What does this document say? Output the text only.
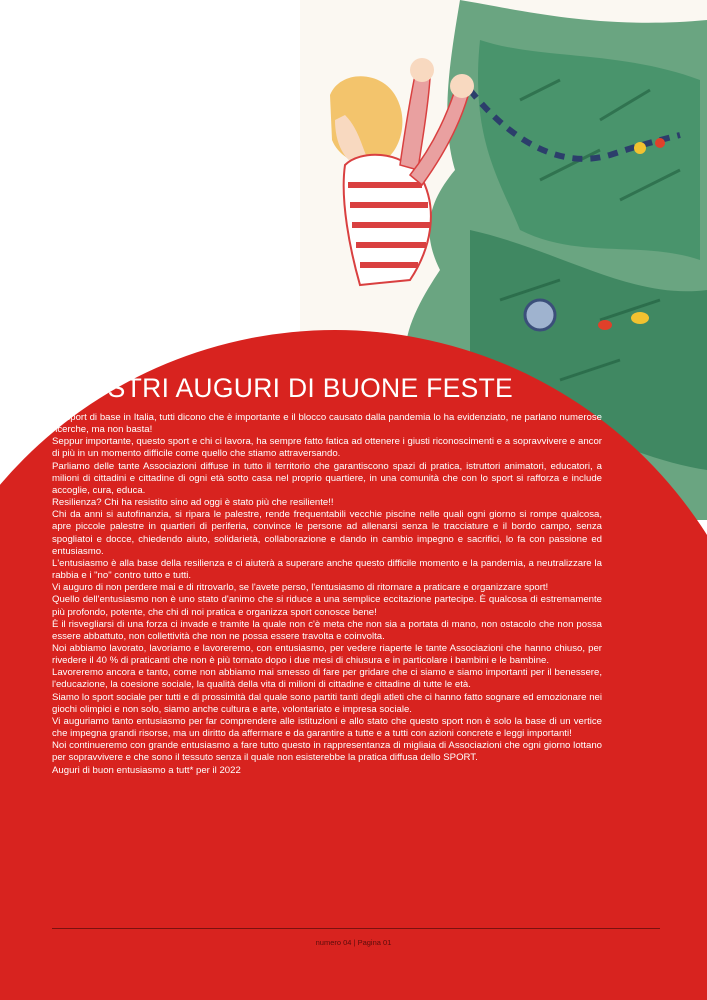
I NOSTRI AUGURI DI BUONE FESTE

Lo sport di base in Italia, tutti dicono che è importante e il blocco causato dalla pandemia lo ha evidenziato, ne parlano numerose ricerche, ma non basta!

Seppur importante, questo sport e chi ci lavora, ha sempre fatto fatica ad ottenere i giusti riconoscimenti e a sopravvivere e ancor di più in un momento difficile come quello che stiamo attraversando.

Parliamo delle tante Associazioni diffuse in tutto il territorio che garantiscono spazi di pratica, istruttori animatori, educatori, a milioni di cittadini e cittadine di ogni età sotto casa nel proprio quartiere, in una comunità che con lo sport si rafforza e include accoglie, cura, educa.

Resilienza? Chi ha resistito sino ad oggi è stato più che resiliente!!

Chi da anni si autofinanzia, si ripara le palestre, rende frequentabili vecchie piscine nelle quali ogni giorno si rompe qualcosa, apre piccole palestre in quartieri di periferia, convince le persone ad allenarsi senza le tracciature e il bordo campo, senza spogliatoi e docce, chiedendo aiuto, solidarietà, collaborazione e dando in cambio impegno e sacrifici, lo fa con passione ed entusiasmo.

L'entusiasmo è alla base della resilienza e ci aiuterà a superare anche questo difficile momento e la pandemia, a neutralizzare la rabbia e i "no" contro tutto e tutti.

Vi auguro di non perdere mai e di ritrovarlo, se l'avete perso, l'entusiasmo di ritornare a praticare e organizzare sport!

Quello dell'entusiasmo non è uno stato d'animo che si riduce a una semplice eccitazione partecipe. È qualcosa di estremamente più profondo, potente, che chi di noi pratica e organizza sport conosce bene!

È il risvegliarsi di una forza ci invade e tramite la quale non c'è meta che non sia a portata di mano, non ostacolo che non possa essere abbattuto, non collettività che non ne possa essere travolta e coinvolta.

Noi abbiamo lavorato, lavoriamo e lavoreremo, con entusiasmo, per vedere riaperte le tante Associazioni che hanno chiuso, per rivedere il 40 % di praticanti che non è più tornato dopo i due mesi di chiusura e in particolare i bambini e le bambine.

Lavoreremo ancora e tanto, come non abbiamo mai smesso di fare per gridare che ci siamo e siamo importanti per il benessere, l'educazione, la coesione sociale, la qualità della vita di milioni di cittadine e cittadine di tutte le età.

Siamo lo sport sociale per tutti e di prossimità dal quale sono partiti tanti degli atleti che ci hanno fatto sognare ed emozionare nei giochi olimpici e non solo, siamo anche cultura e arte, volontariato e impresa sociale.

Vi auguriamo tanto entusiasmo per far comprendere alle istituzioni e allo stato che questo sport non è solo la base di un vertice che impegna grandi risorse, ma un diritto da affermare e da garantire a tutte e a tutti con azioni concrete e leggi importanti!

Noi continueremo con grande entusiasmo a fare tutto questo in rappresentanza di migliaia di Associazioni che ogni giorno lottano per sopravvivere e che sono il tessuto senza il quale non esisterebbe la pratica diffusa dello SPORT.

Auguri di buon entusiasmo a tutt* per il 2022

numero 04 | Pagina 01
